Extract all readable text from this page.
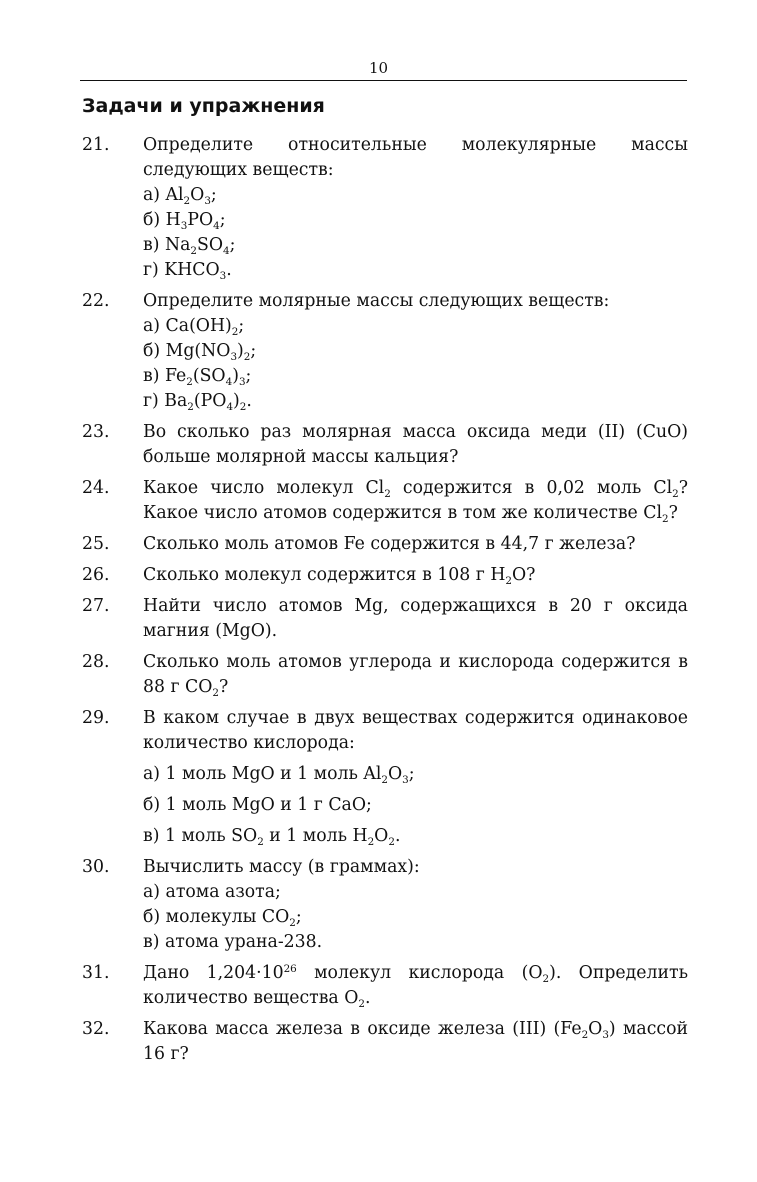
10
Задачи и упражнения
21.	Определите относительные молекулярные массы следующих веществ:
а) $Al_2O_3$;
б) $H_3PO_4$;
в) $Na_2SO_4$;
г) $KHCO_3$.
22.	Определите молярные массы следующих веществ:
а) $Ca(OH)_2$;
б) $Mg(NO_3)_2$;
в) $Fe_2(SO_4)_3$;
г) $Ba_2(PO_4)_2$.
23.	Во сколько раз молярная масса оксида меди (II) (CuO) больше молярной массы кальция?
24.	Какое число молекул $Cl_2$ содержится в 0,02 моль $Cl_2$? Какое число атомов содержится в том же количестве $Cl_2$?
25.	Сколько моль атомов Fe содержится в 44,7 г железа?
26.	Сколько молекул содержится в 108 г $H_2O$?
27.	Найти число атомов Mg, содержащихся в 20 г оксида магния (MgO).
28.	Сколько моль атомов углерода и кислорода содержится в 88 г $CO_2$?
29.	В каком случае в двух веществах содержится одинаковое количество кислорода:
а) 1 моль MgO и 1 моль $Al_2O_3$;
б) 1 моль MgO и 1 г CaO;
в) 1 моль $SO_2$ и 1 моль $H_2O_2$.
30.	Вычислить массу (в граммах):
а) атома азота;
б) молекулы $CO_2$;
в) атома урана-238.
31.	Дано $1,204\cdot 10^{26}$ молекул кислорода $(O_2)$. Определить количество вещества $O_2$.
32.	Какова масса железа в оксиде железа (III) $(Fe_2O_3)$ массой 16 г?
